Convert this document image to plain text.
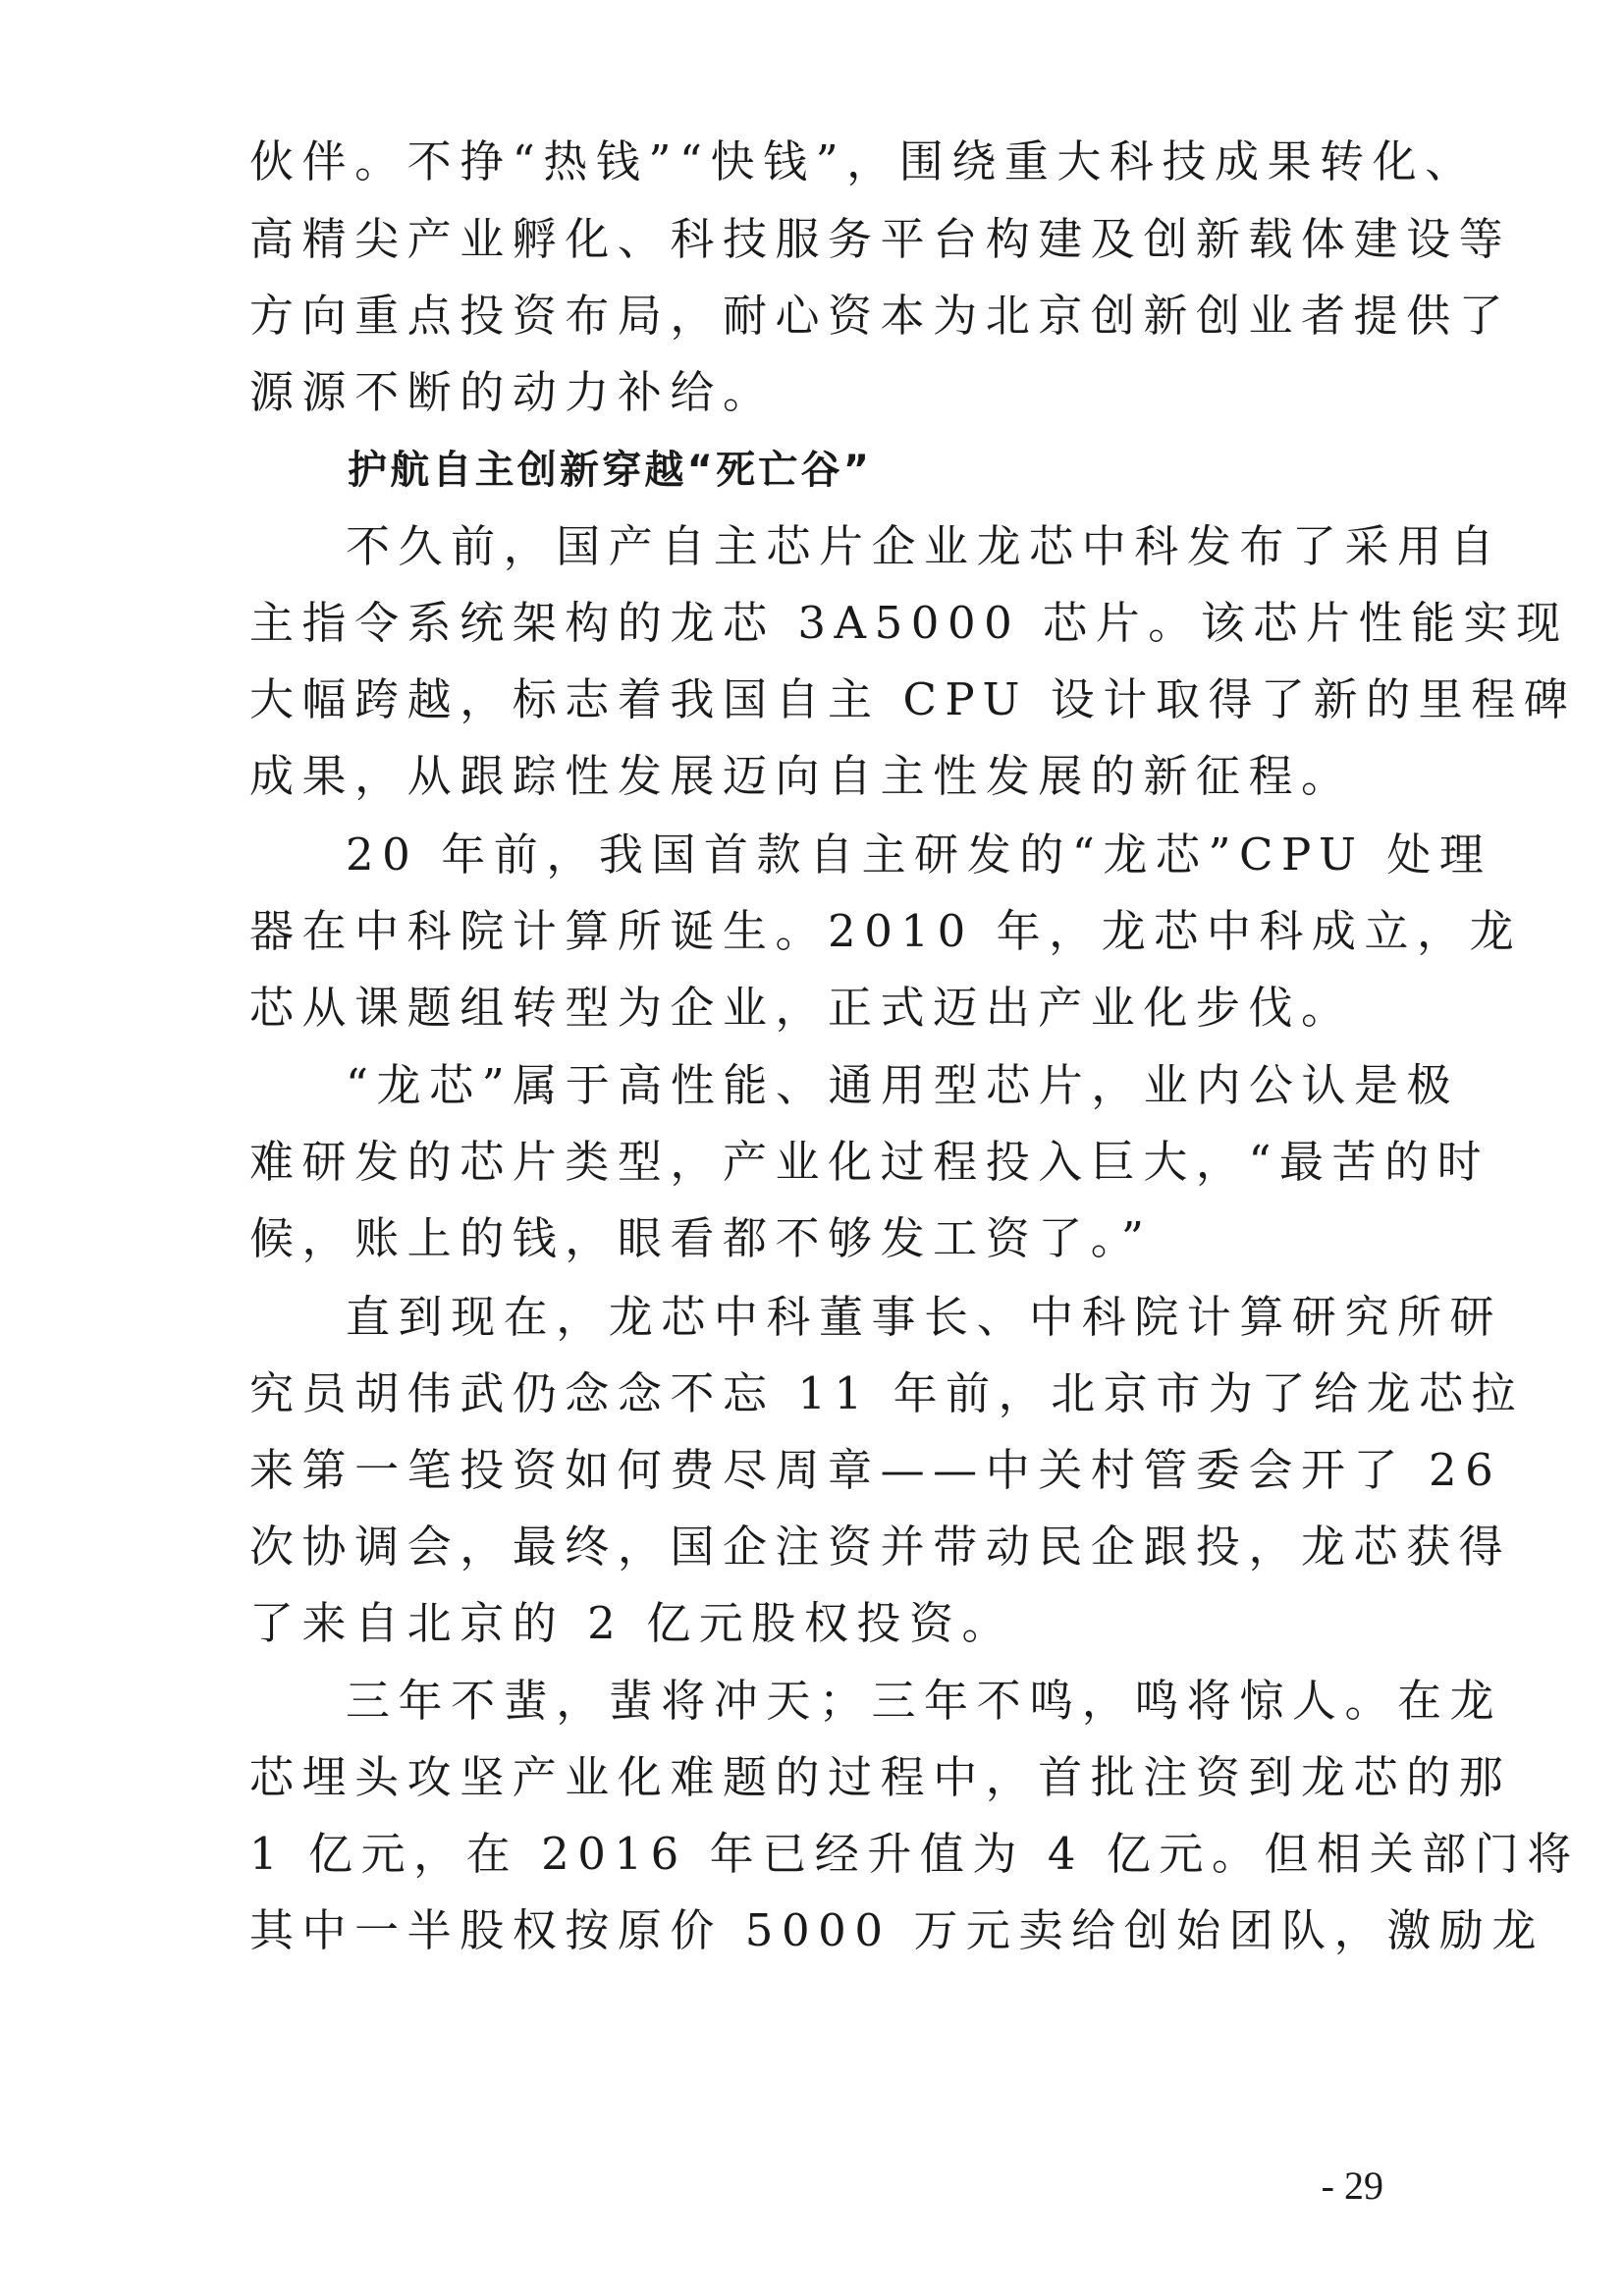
伙伴。不挣“热钱”“快钱”，围绕重大科技成果转化、
高精尖产业孵化、科技服务平台构建及创新载体建设等
方向重点投资布局，耐心资本为北京创新创业者提供了
源源不断的动力补给。
护航自主创新穿越“死亡谷”
不久前，国产自主芯片企业龙芯中科发布了采用自
主指令系统架构的龙芯 3A5000 芯片。该芯片性能实现
大幅跨越，标志着我国自主 CPU 设计取得了新的里程碑
成果，从跟踪性发展迈向自主性发展的新征程。
20 年前，我国首款自主研发的“龙芯”CPU 处理
器在中科院计算所诞生。2010 年，龙芯中科成立，龙
芯从课题组转型为企业，正式迈出产业化步伐。
“龙芯”属于高性能、通用型芯片，业内公认是极
难研发的芯片类型，产业化过程投入巨大，“最苦的时
候，账上的钱，眼看都不够发工资了。”
直到现在，龙芯中科董事长、中科院计算研究所研
究员胡伟武仍念念不忘 11 年前，北京市为了给龙芯拉
来第一笔投资如何费尽周章——中关村管委会开了 26
次协调会，最终，国企注资并带动民企跟投，龙芯获得
了来自北京的 2 亿元股权投资。
三年不蜚，蜚将冲天；三年不鸣，鸣将惊人。在龙
芯埋头攻坚产业化难题的过程中，首批注资到龙芯的那
1 亿元，在 2016 年已经升值为 4 亿元。但相关部门将
其中一半股权按原价 5000 万元卖给创始团队，激励龙
- 29
